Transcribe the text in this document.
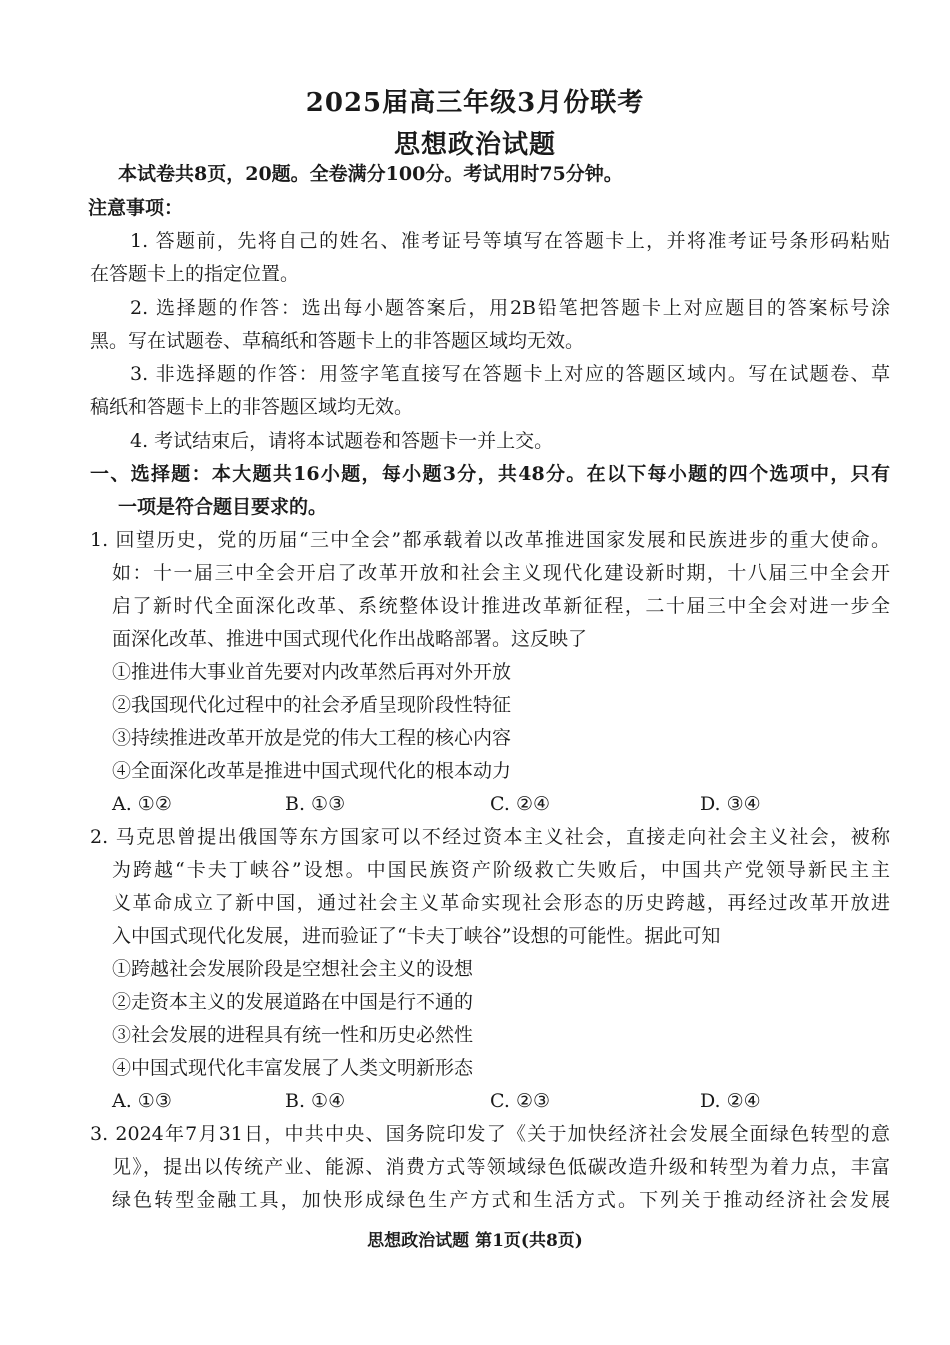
2025届高三年级3月份联考
思想政治试题
本试卷共8页，20题。全卷满分100分。考试用时75分钟。
注意事项：
1. 答题前，先将自己的姓名、准考证号等填写在答题卡上，并将准考证号条形码粘贴
在答题卡上的指定位置。
2. 选择题的作答：选出每小题答案后，用2B铅笔把答题卡上对应题目的答案标号涂
黑。写在试题卷、草稿纸和答题卡上的非答题区域均无效。
3. 非选择题的作答：用签字笔直接写在答题卡上对应的答题区域内。写在试题卷、草
稿纸和答题卡上的非答题区域均无效。
4. 考试结束后，请将本试题卷和答题卡一并上交。
一、选择题：本大题共16小题，每小题3分，共48分。在以下每小题的四个选项中，只有
一项是符合题目要求的。
1. 回望历史，党的历届“三中全会”都承载着以改革推进国家发展和民族进步的重大使命。
如：十一届三中全会开启了改革开放和社会主义现代化建设新时期，十八届三中全会开
启了新时代全面深化改革、系统整体设计推进改革新征程，二十届三中全会对进一步全
面深化改革、推进中国式现代化作出战略部署。这反映了
①推进伟大事业首先要对内改革然后再对外开放
②我国现代化过程中的社会矛盾呈现阶段性特征
③持续推进改革开放是党的伟大工程的核心内容
④全面深化改革是推进中国式现代化的根本动力
A. ①②	B. ①③	C. ②④	D. ③④
2. 马克思曾提出俄国等东方国家可以不经过资本主义社会，直接走向社会主义社会，被称
为跨越“卡夫丁峡谷”设想。中国民族资产阶级救亡失败后，中国共产党领导新民主主
义革命成立了新中国，通过社会主义革命实现社会形态的历史跨越，再经过改革开放进
入中国式现代化发展，进而验证了“卡夫丁峡谷”设想的可能性。据此可知
①跨越社会发展阶段是空想社会主义的设想
②走资本主义的发展道路在中国是行不通的
③社会发展的进程具有统一性和历史必然性
④中国式现代化丰富发展了人类文明新形态
A. ①③	B. ①④	C. ②③	D. ②④
3. 2024年7月31日，中共中央、国务院印发了《关于加快经济社会发展全面绿色转型的意
见》，提出以传统产业、能源、消费方式等领域绿色低碳改造升级和转型为着力点，丰富
绿色转型金融工具，加快形成绿色生产方式和生活方式。下列关于推动经济社会发展
思想政治试题 第1页(共8页)
